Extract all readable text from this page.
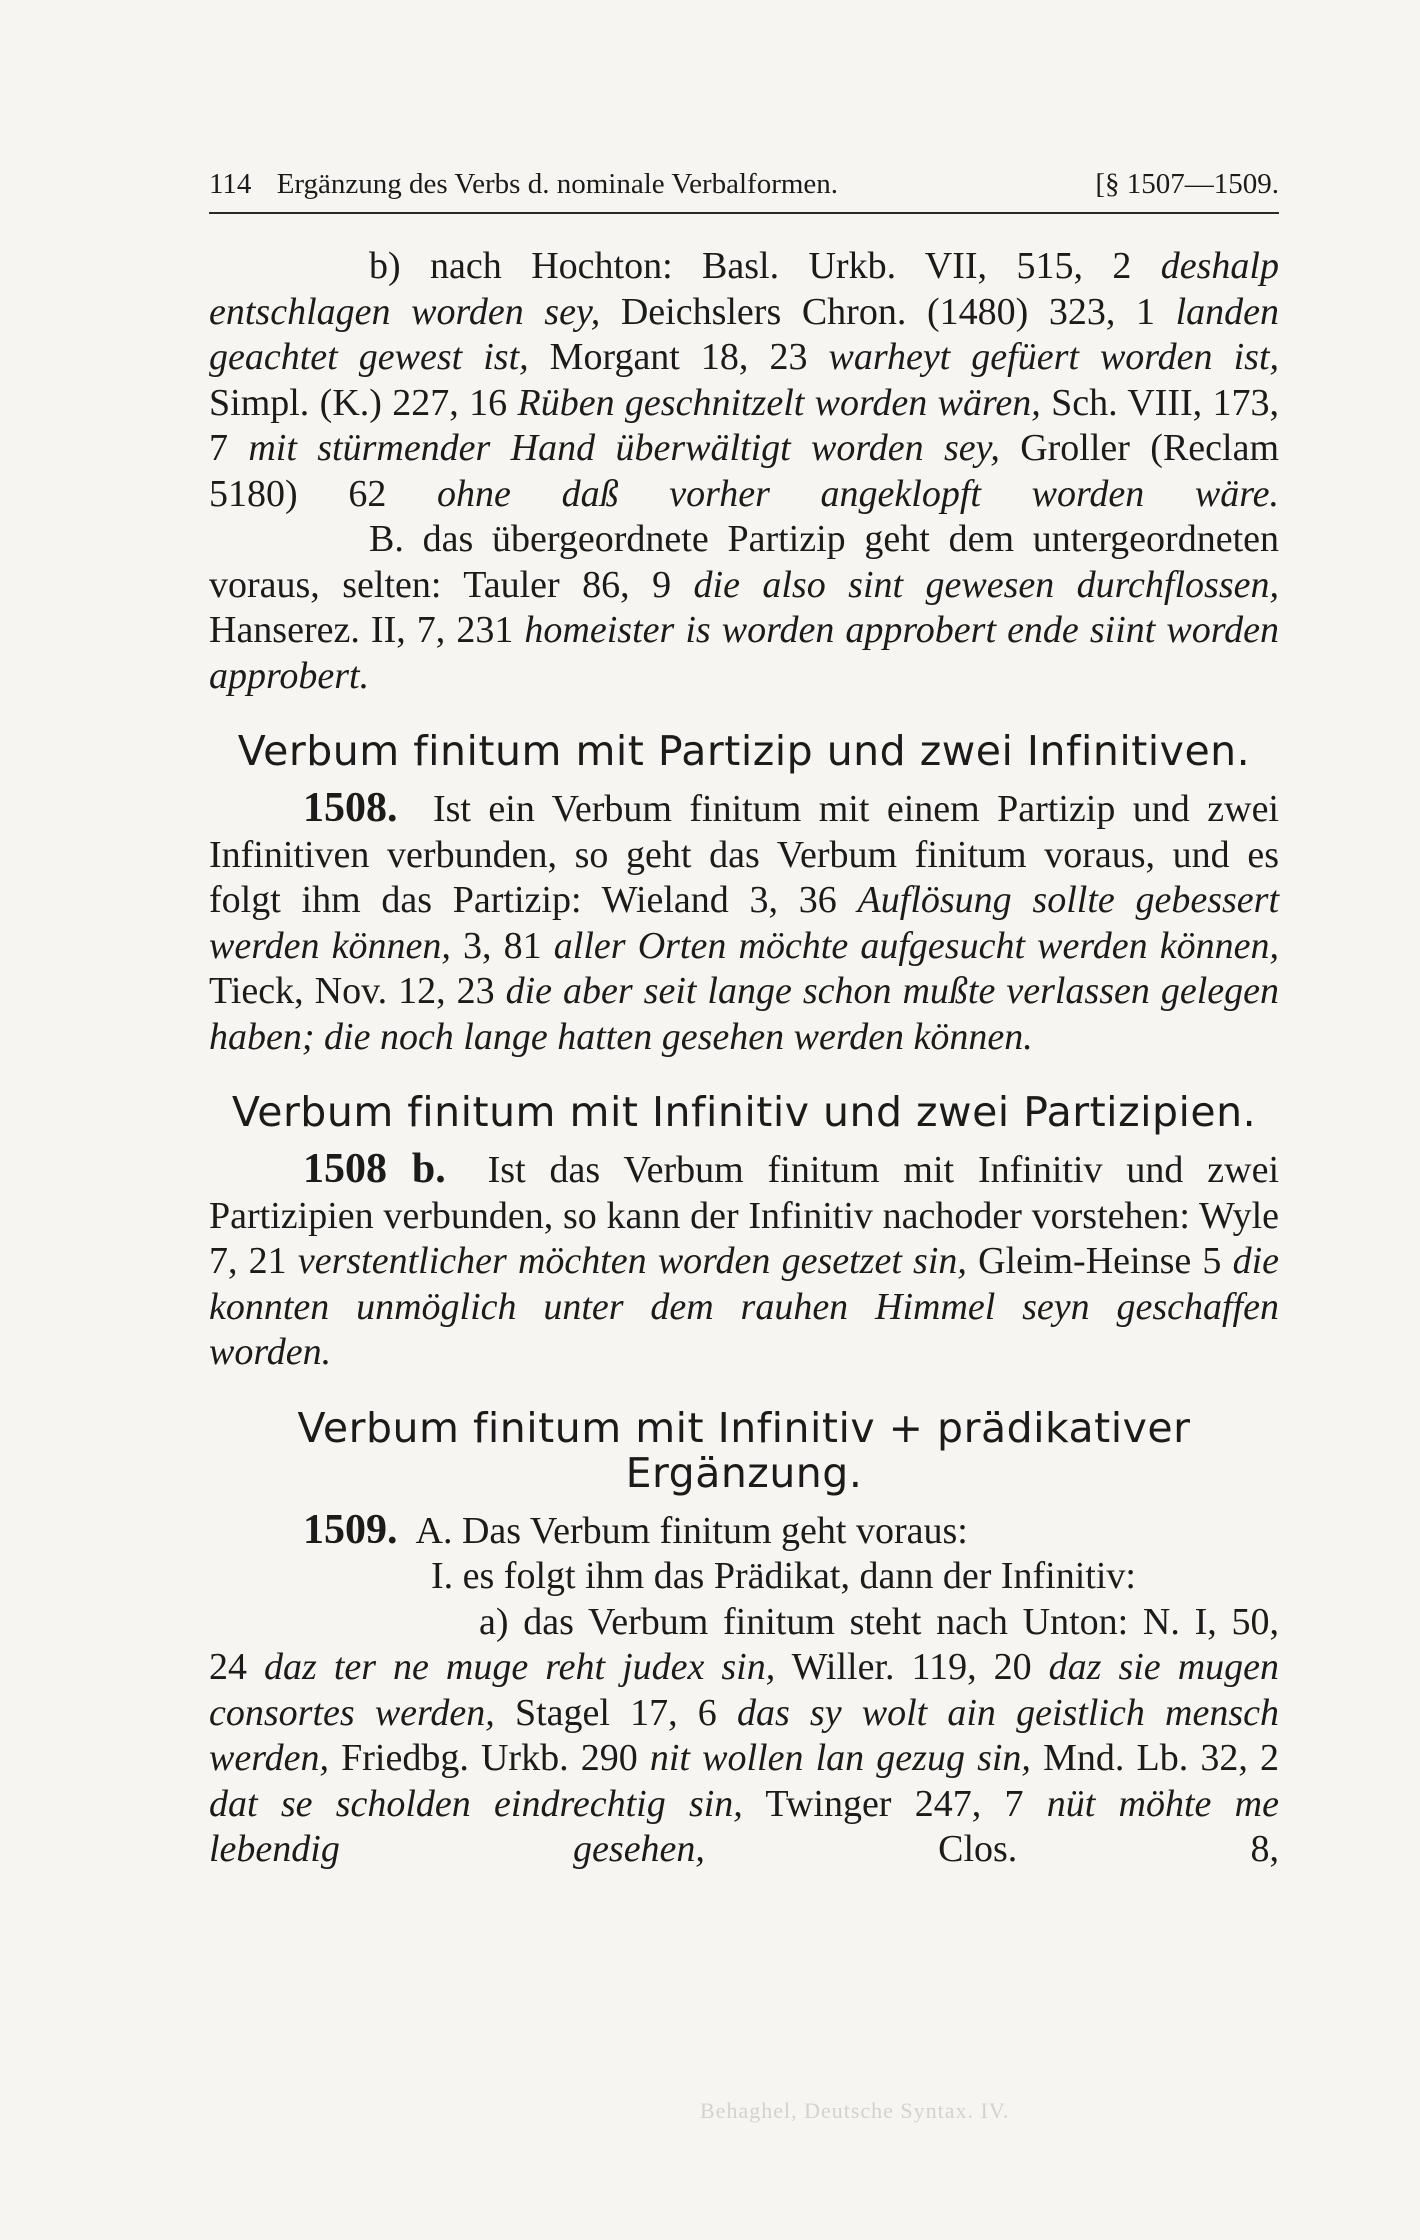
Behaghel, Deutsche Syntax. IV.
114 Ergänzung des Verbs d. nominale Verbalformen.	[§ 1507—1509.

b) nach Hochton: Basl. Urkb. VII, 515, 2 deshalp entschlagen worden sey, Deichslers Chron. (1480) 323, 1 landen geachtet gewest ist, Morgant 18, 23 warheyt gefüert worden ist, Simpl. (K.) 227, 16 Rüben geschnitzelt worden wären, Sch. VIII, 173, 7 mit stürmender Hand überwältigt worden sey, Groller (Reclam 5180) 62 ohne daß vorher angeklopft worden wäre.

B. das übergeordnete Partizip geht dem untergeordneten voraus, selten: Tauler 86, 9 die also sint gewesen durchflossen, Hanserez. II, 7, 231 homeister is worden approbert ende siint worden approbert.

Verbum finitum mit Partizip und zwei Infinitiven.

1508. Ist ein Verbum finitum mit einem Partizip und zwei Infinitiven verbunden, so geht das Verbum finitum voraus, und es folgt ihm das Partizip: Wieland 3, 36 Auflösung sollte gebessert werden können, 3, 81 aller Orten möchte aufgesucht werden können, Tieck, Nov. 12, 23 die aber seit lange schon mußte verlassen gelegen haben; die noch lange hatten gesehen werden können.

Verbum finitum mit Infinitiv und zwei Partizipien.

1508 b. Ist das Verbum finitum mit Infinitiv und zwei Partizipien verbunden, so kann der Infinitiv nachoder vorstehen: Wyle 7, 21 verstentlicher möchten worden gesetzet sin, Gleim-Heinse 5 die konnten unmöglich unter dem rauhen Himmel seyn geschaffen worden.

Verbum finitum mit Infinitiv + prädikativer Ergänzung.

1509. A. Das Verbum finitum geht voraus:

I. es folgt ihm das Prädikat, dann der Infinitiv:

a) das Verbum finitum steht nach Unton: N. I, 50, 24 daz ter ne muge reht judex sin, Willer. 119, 20 daz sie mugen consortes werden, Stagel 17, 6 das sy wolt ain geistlich mensch werden, Friedbg. Urkb. 290 nit wollen lan gezug sin, Mnd. Lb. 32, 2 dat se scholden eindrechtig sin, Twinger 247, 7 nüt möhte me lebendig gesehen, Clos. 8,
